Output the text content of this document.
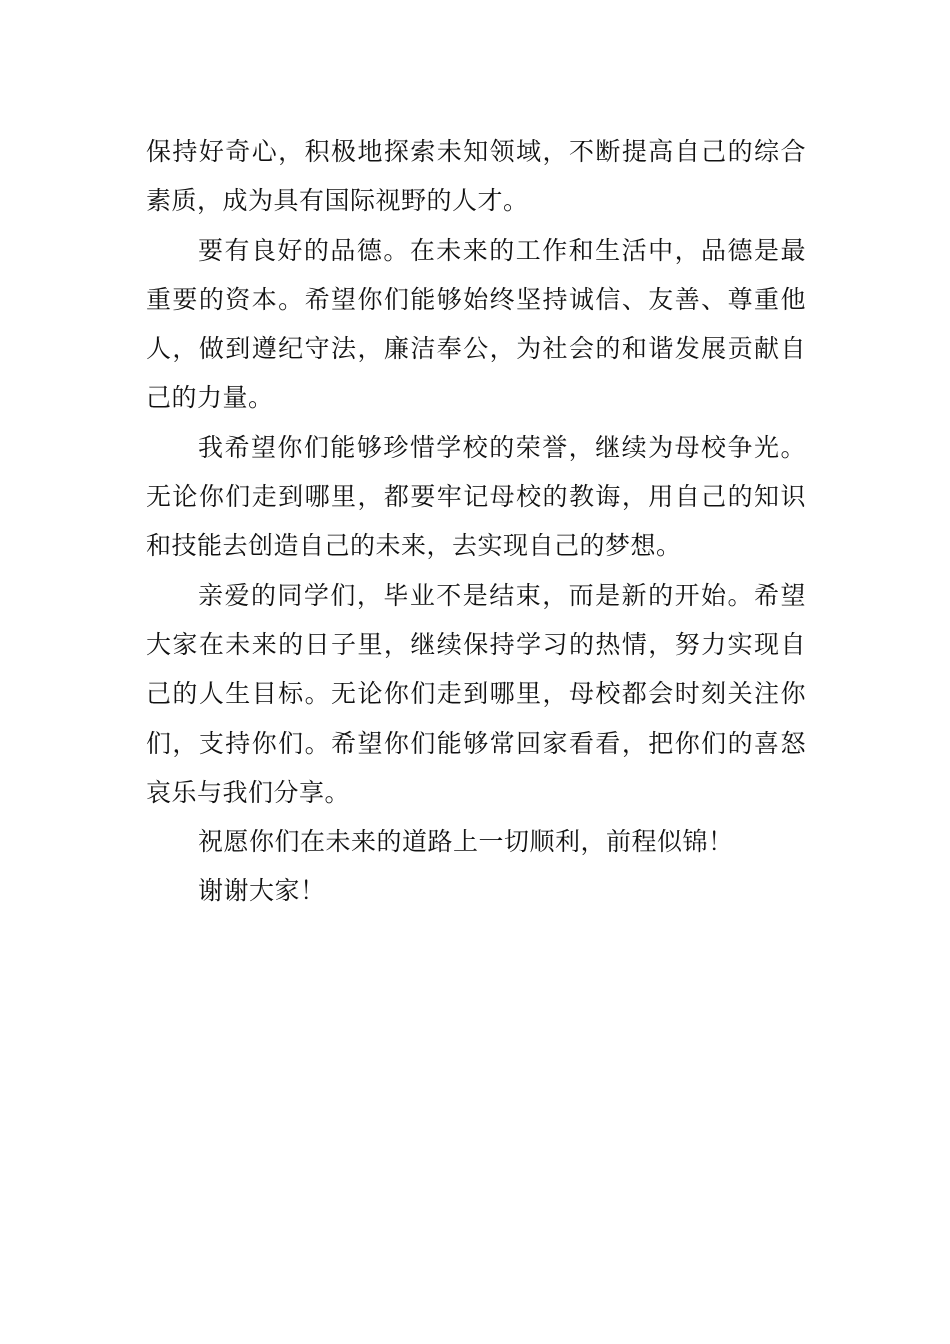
保持好奇心，积极地探索未知领域，不断提高自己的综合素质，成为具有国际视野的人才。

要有良好的品德。在未来的工作和生活中，品德是最重要的资本。希望你们能够始终坚持诚信、友善、尊重他人，做到遵纪守法，廉洁奉公，为社会的和谐发展贡献自己的力量。

我希望你们能够珍惜学校的荣誉，继续为母校争光。无论你们走到哪里，都要牢记母校的教诲，用自己的知识和技能去创造自己的未来，去实现自己的梦想。

亲爱的同学们，毕业不是结束，而是新的开始。希望大家在未来的日子里，继续保持学习的热情，努力实现自己的人生目标。无论你们走到哪里，母校都会时刻关注你们，支持你们。希望你们能够常回家看看，把你们的喜怒哀乐与我们分享。

祝愿你们在未来的道路上一切顺利，前程似锦！

谢谢大家！
